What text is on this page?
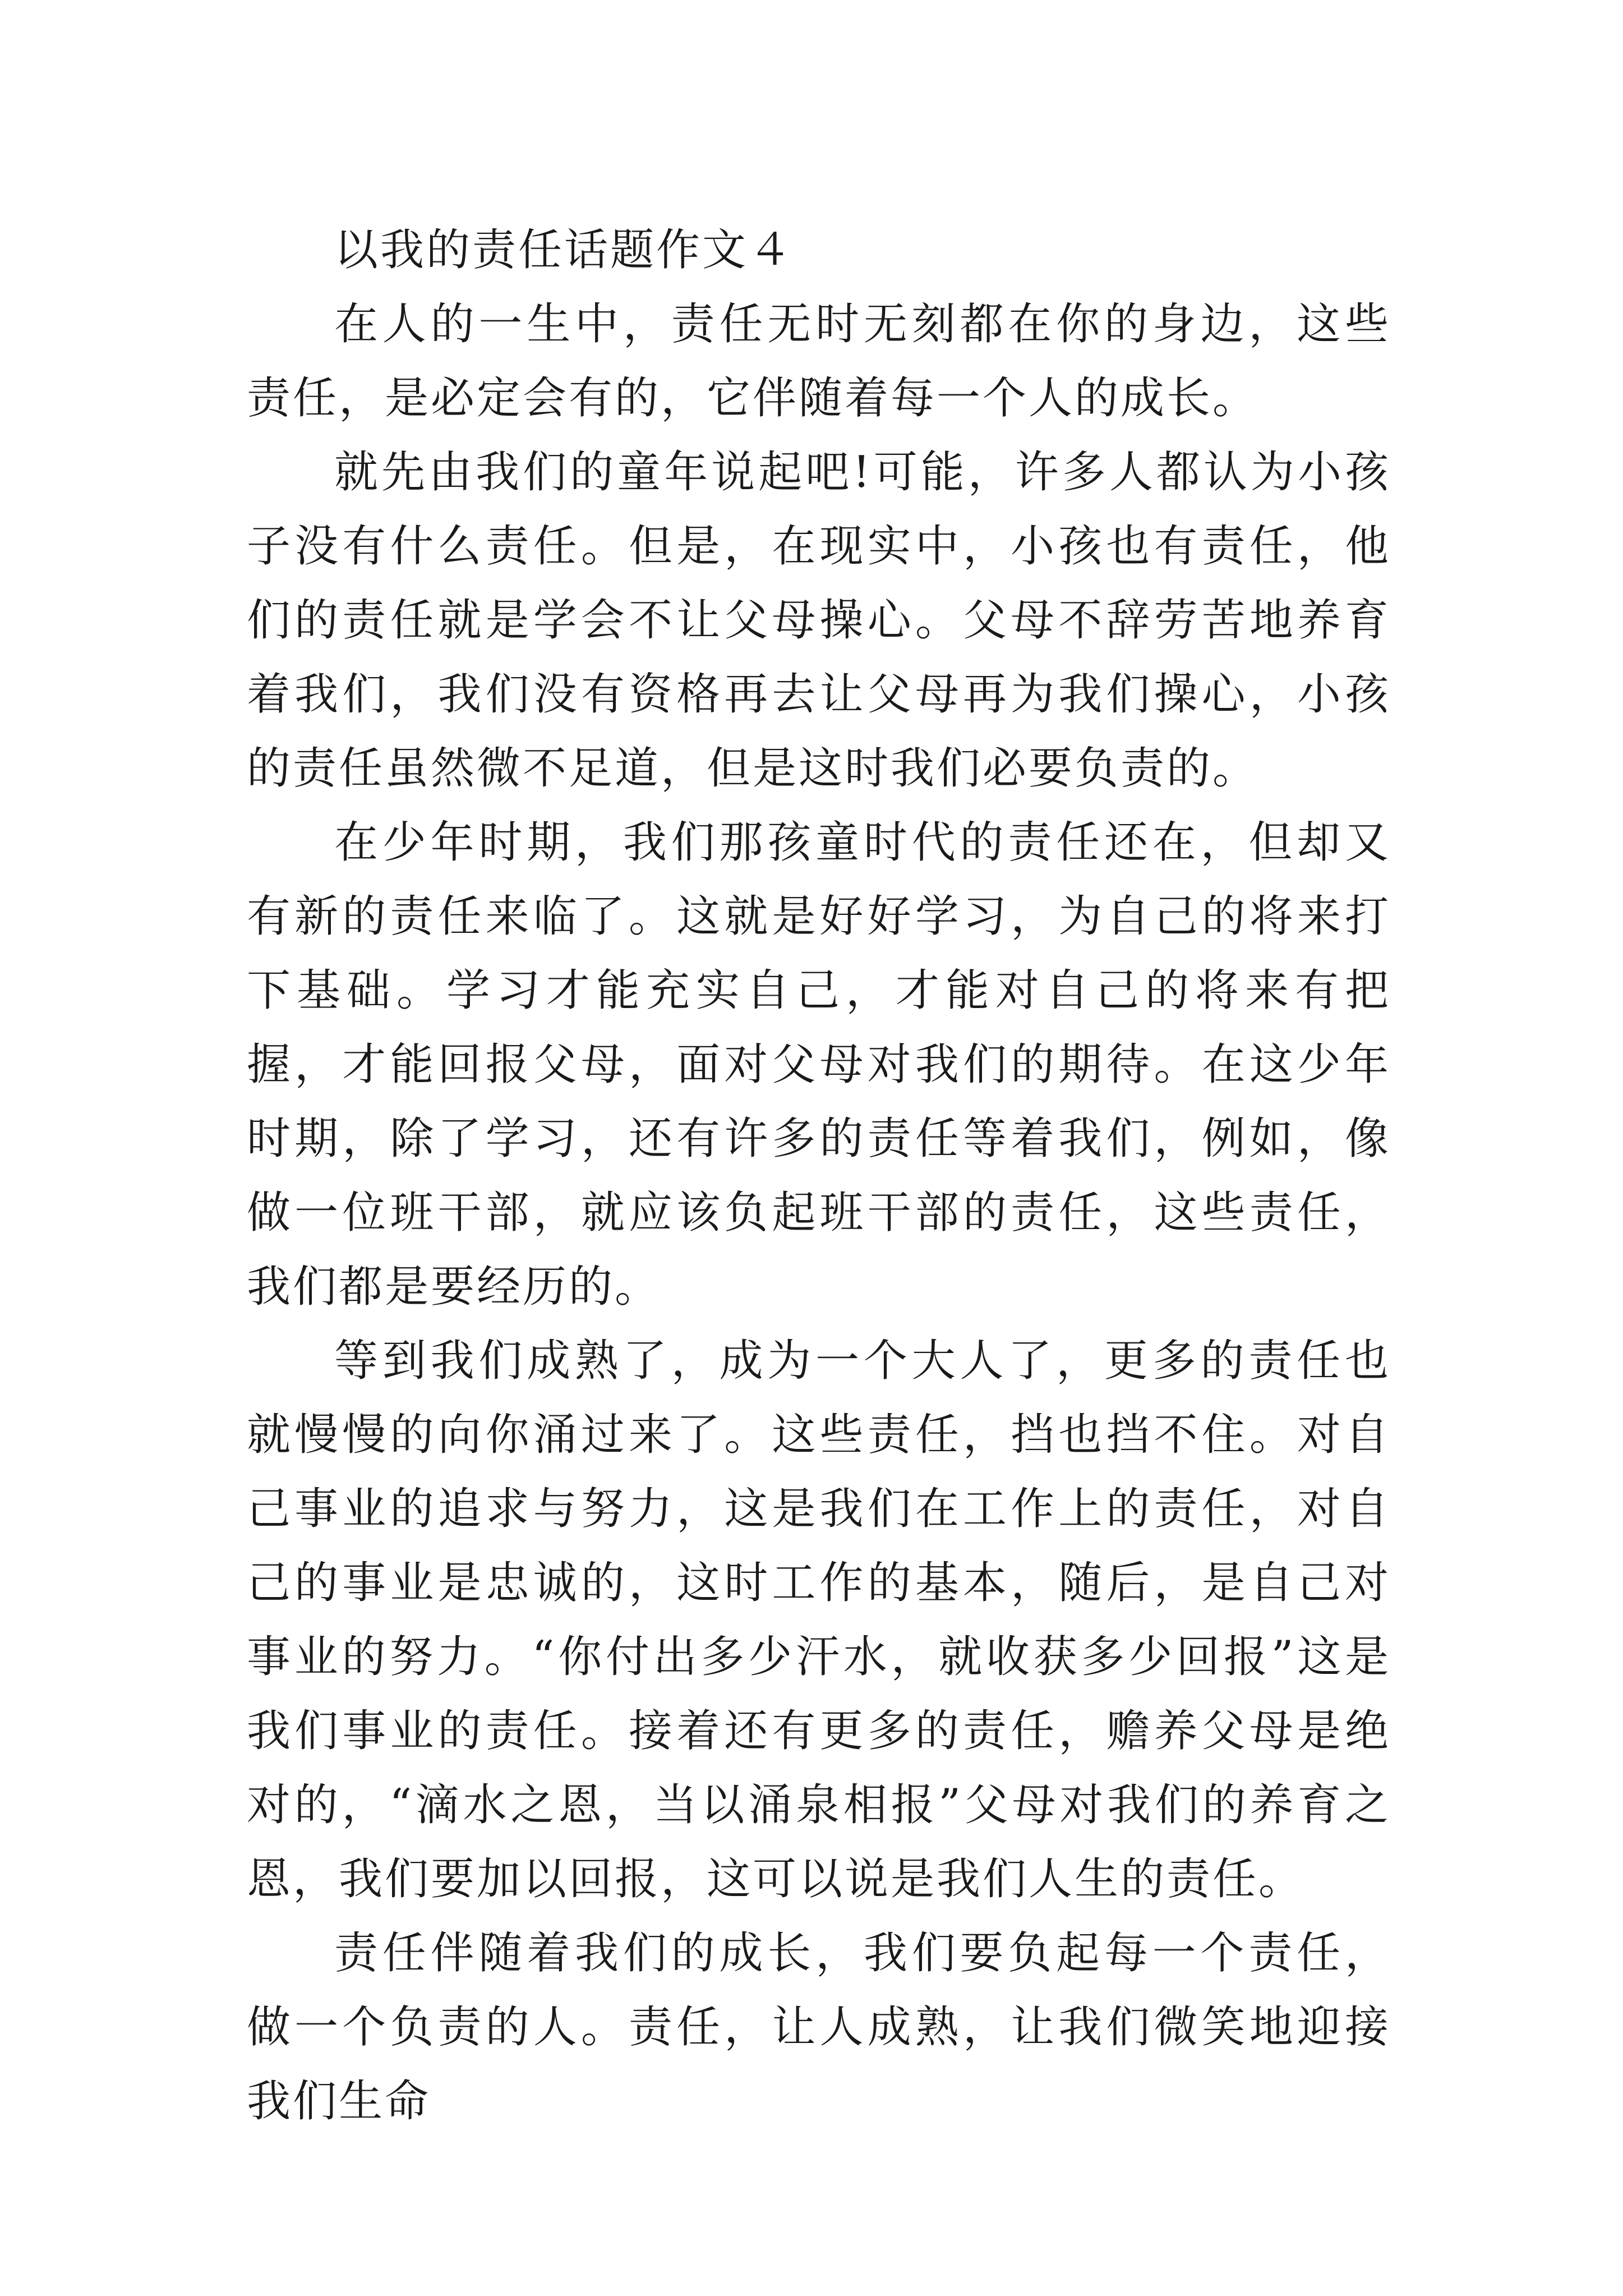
以我的责任话题作文４

在人的一生中，责任无时无刻都在你的身边，这些责任，是必定会有的，它伴随着每一个人的成长。

就先由我们的童年说起吧!可能，许多人都认为小孩子没有什么责任。但是，在现实中，小孩也有责任，他们的责任就是学会不让父母操心。父母不辞劳苦地养育着我们，我们没有资格再去让父母再为我们操心，小孩的责任虽然微不足道，但是这时我们必要负责的。

在少年时期，我们那孩童时代的责任还在，但却又有新的责任来临了。这就是好好学习，为自己的将来打下基础。学习才能充实自己，才能对自己的将来有把握，才能回报父母，面对父母对我们的期待。在这少年时期，除了学习，还有许多的责任等着我们，例如，像做一位班干部，就应该负起班干部的责任，这些责任，我们都是要经历的。

等到我们成熟了，成为一个大人了，更多的责任也就慢慢的向你涌过来了。这些责任，挡也挡不住。对自己事业的追求与努力，这是我们在工作上的责任，对自己的事业是忠诚的，这时工作的基本，随后，是自己对事业的努力。“你付出多少汗水，就收获多少回报”这是我们事业的责任。接着还有更多的责任，赡养父母是绝对的，“滴水之恩，当以涌泉相报”父母对我们的养育之恩，我们要加以回报，这可以说是我们人生的责任。

责任伴随着我们的成长，我们要负起每一个责任，做一个负责的人。责任，让人成熟，让我们微笑地迎接我们生命
